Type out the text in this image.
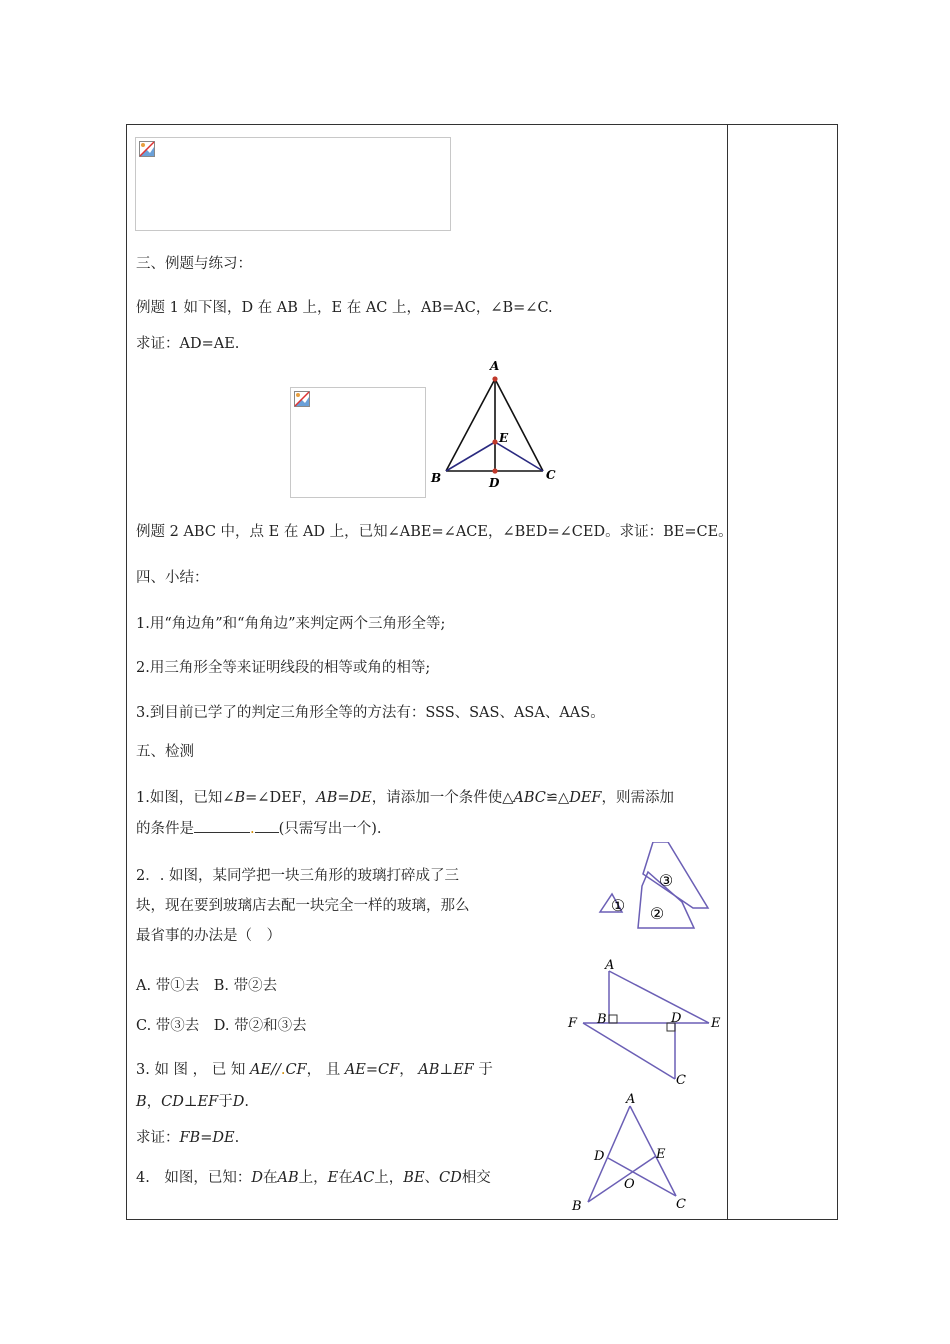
三、例题与练习：
例题 1 如下图，D 在 AB 上，E 在 AC 上，AB=AC，∠B=∠C.
求证：AD=AE.
A
E
B	D
C
例题 2 ABC 中，点 E 在 AD 上，已知∠ABE=∠ACE，∠BED=∠CED。求证：BE=CE。
四、小结：
1.用“角边角”和“角角边”来判定两个三角形全等;
2.用三角形全等来证明线段的相等或角的相等;
3.到目前已学了的判定三角形全等的方法有：SSS、SAS、ASA、AAS。
五、检测
1.如图，已知∠B=∠DEF，AB=DE，请添加一个条件使△ABC≌△DEF，则需添加
的条件是	. (只需写出一个).
2．. 如图，某同学把一块三角形的玻璃打碎成了三
块，现在要到玻璃店去配一块完全一样的玻璃，那么
最省事的办法是（　）
A. 带①去　B. 带②去
C. 带③去　D. 带②和③去
③
① ②
A
B
F	D E
C
3. 如 图 ， 已 知 AE//.CF， 且 AE=CF， AB⊥EF 于
B，CD⊥EF于D.
求证：FB=DE.
4.　如图，已知：D在AB上，E在AC上，BE、CD相交
A
D	E
O
B	C
